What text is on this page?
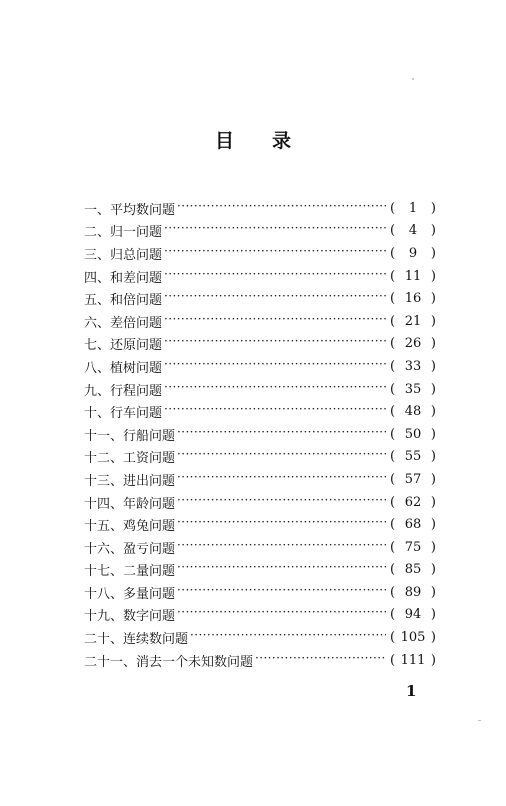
目 录
一、平均数问题 ·····	(	1	)
二、归一问题 ·····	(	4	)
三、归总问题 ·····	(	9	)
四、和差问题 ·····	( 11 )
五、和倍问题 ·····	( 16 )
六、差倍问题 ·····	( 21 )
七、还原问题 ·····	( 26 )
八、植树问题 ·····	( 33 )
九、行程问题 ·····	( 35 )
十、行车问题 ·····	( 48 )
十一、行船问题 ·····	( 50 )
十二、工资问题 ·····	( 55 )
十三、进出问题 ·····	( 57 )
十四、年龄问题 ·····	( 62 )
十五、鸡兔问题 ·····	( 68 )
十六、盈亏问题 ·····	( 75 )
十七、二量问题 ·····	( 85 )
十八、多量问题 ·····	( 89 )
十九、数字问题 ·····	( 94 )
二十、连续数问题 ·····	( 105 )
二十一、消去一个未知数问题 ·····	( 111 )
1
